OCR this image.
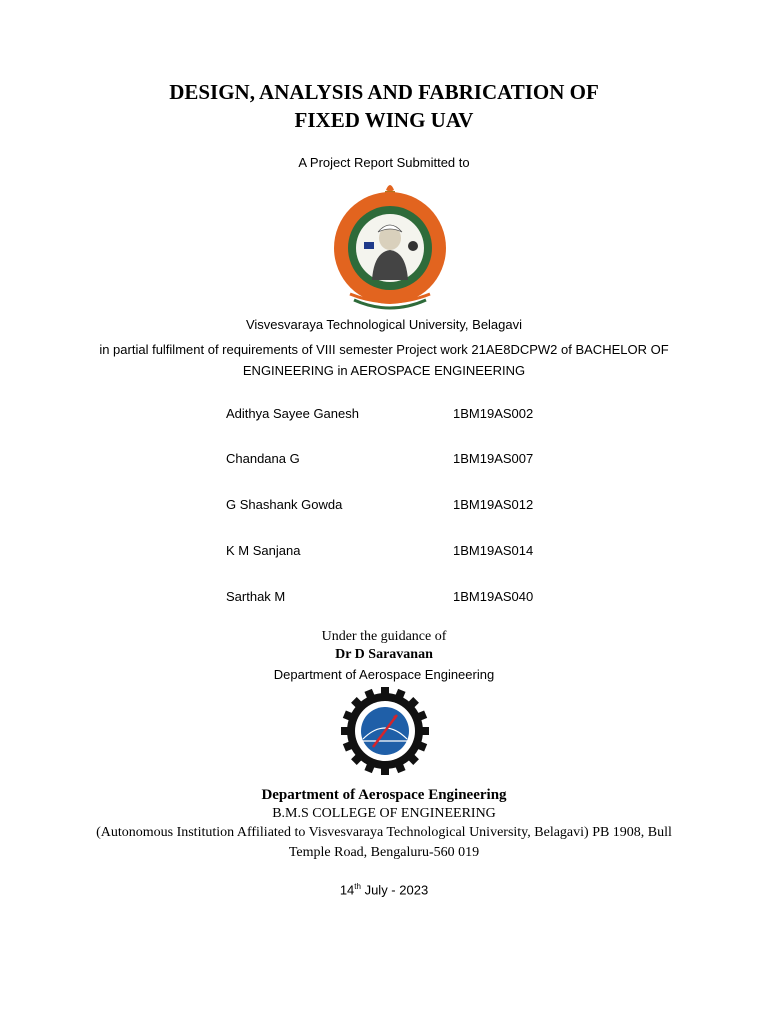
DESIGN, ANALYSIS AND FABRICATION OF
FIXED WING UAV
A Project Report Submitted to
Visvesvaraya Technological University, Belagavi
in partial fulfilment of requirements of VIII semester Project work 21AE8DCPW2 of BACHELOR OF
ENGINEERING in AEROSPACE ENGINEERING
Adithya Sayee Ganesh	1BM19AS002
Chandana G	1BM19AS007
G Shashank Gowda	1BM19AS012
K M Sanjana	1BM19AS014
Sarthak M	1BM19AS040
Under the guidance of
Dr D Saravanan
Department of Aerospace Engineering
Department of Aerospace Engineering
B.M.S COLLEGE OF ENGINEERING
(Autonomous Institution Affiliated to Visvesvaraya Technological University, Belagavi) PB 1908, Bull
Temple Road, Bengaluru-560 019
14th July - 2023
